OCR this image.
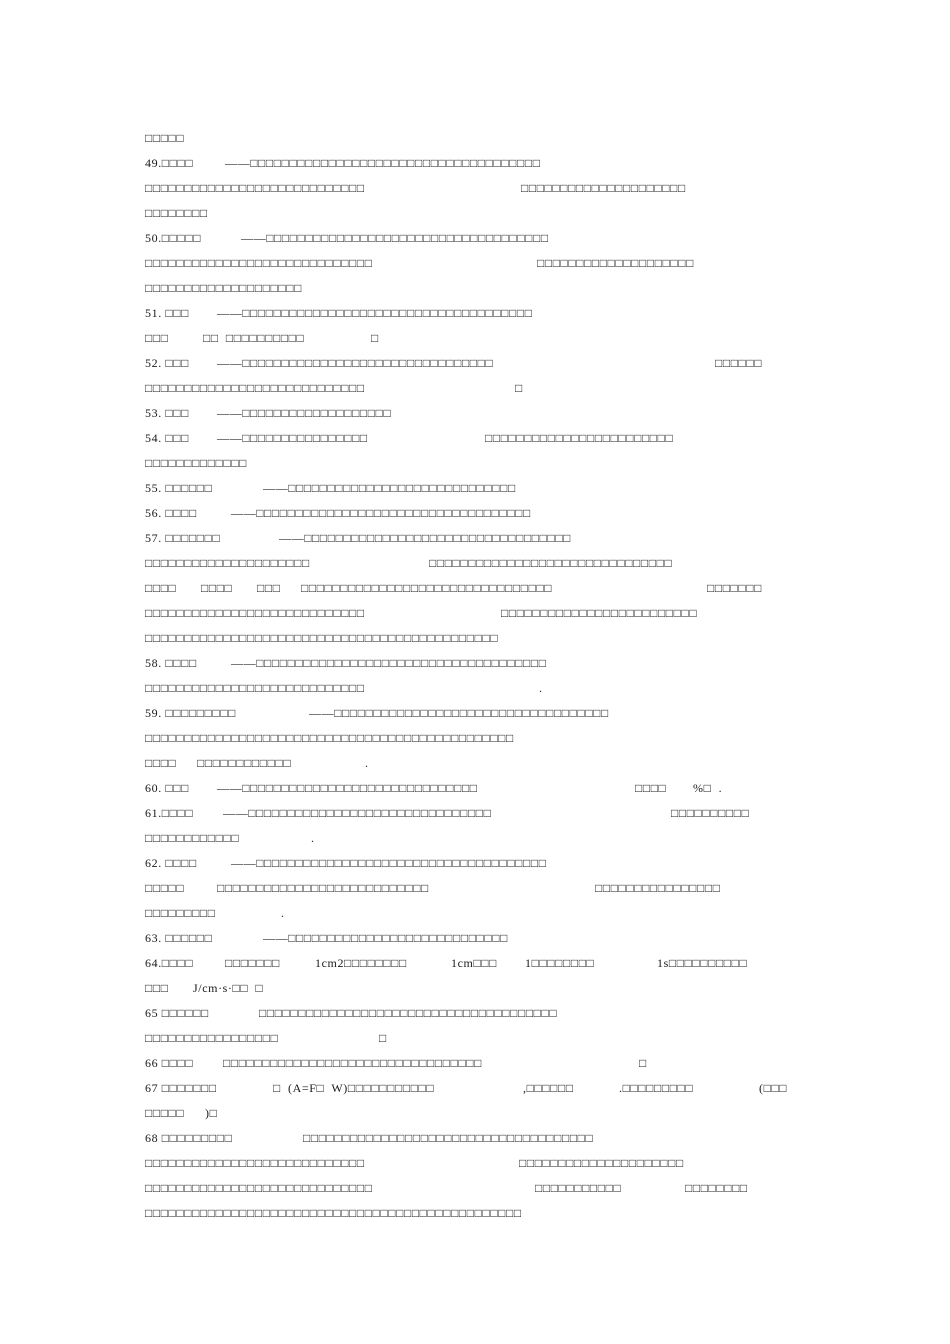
□□□□□
49.□□□□	——□□□□□□□□□□□□□□□□□□□□□□□□□□□□□□□□□□□□□
□□□□□□□□□□□□□□□□□□□□□□□□□□□□	□□□□□□□□□□□□□□□□□□□□□
□□□□□□□□
50.□□□□□	——□□□□□□□□□□□□□□□□□□□□□□□□□□□□□□□□□□□□
□□□□□□□□□□□□□□□□□□□□□□□□□□□□□	□□□□□□□□□□□□□□□□□□□□
□□□□□□□□□□□□□□□□□□□□
51. □□□ ——□□□□□□□□□□□□□□□□□□□□□□□□□□□□□□□□□□□□□
□□□	□□  □□□□□□□□□□	□
52. □□□ ——□□□□□□□□□□□□□□□□□□□□□□□□□□□□□□□□	□□□□□□
□□□□□□□□□□□□□□□□□□□□□□□□□□□□	□
53. □□□ ——□□□□□□□□□□□□□□□□□□□
54. □□□ ——□□□□□□□□□□□□□□□□	□□□□□□□□□□□□□□□□□□□□□□□□
□□□□□□□□□□□□□
55. □□□□□□	——□□□□□□□□□□□□□□□□□□□□□□□□□□□□□
56. □□□□	——□□□□□□□□□□□□□□□□□□□□□□□□□□□□□□□□□□□
57. □□□□□□□	——□□□□□□□□□□□□□□□□□□□□□□□□□□□□□□□□□□
□□□□□□□□□□□□□□□□□□□□□	□□□□□□□□□□□□□□□□□□□□□□□□□□□□□□□
□□□□ □□□□ □□□ □□□□□□□□□□□□□□□□□□□□□□□□□□□□□□□□	□□□□□□□
□□□□□□□□□□□□□□□□□□□□□□□□□□□□	□□□□□□□□□□□□□□□□□□□□□□□□□
□□□□□□□□□□□□□□□□□□□□□□□□□□□□□□□□□□□□□□□□□□□□□
58. □□□□	——□□□□□□□□□□□□□□□□□□□□□□□□□□□□□□□□□□□□□
□□□□□□□□□□□□□□□□□□□□□□□□□□□□	.
59. □□□□□□□□□	——□□□□□□□□□□□□□□□□□□□□□□□□□□□□□□□□□□□
□□□□□□□□□□□□□□□□□□□□□□□□□□□□□□□□□□□□□□□□□□□□□□□
□□□□ □□□□□□□□□□□□	.
60. □□□ ——□□□□□□□□□□□□□□□□□□□□□□□□□□□□□□	□□□□ %□  .
61.□□□□ ——□□□□□□□□□□□□□□□□□□□□□□□□□□□□□□□	□□□□□□□□□□
□□□□□□□□□□□□	.
62. □□□□	——□□□□□□□□□□□□□□□□□□□□□□□□□□□□□□□□□□□□□
□□□□□	□□□□□□□□□□□□□□□□□□□□□□□□□□□	□□□□□□□□□□□□□□□□
□□□□□□□□□	.
63. □□□□□□	——□□□□□□□□□□□□□□□□□□□□□□□□□□□□
64.□□□□	□□□□□□□	1cm2□□□□□□□□	1cm□□□ 1□□□□□□□□	1s□□□□□□□□□□
□□□ J/cm·s·□□  □
65 □□□□□□	□□□□□□□□□□□□□□□□□□□□□□□□□□□□□□□□□□□□□□
□□□□□□□□□□□□□□□□□	□
66 □□□□ □□□□□□□□□□□□□□□□□□□□□□□□□□□□□□□□□	□
67 □□□□□□□	□  (A=F□  W)□□□□□□□□□□□	,□□□□□□	.□□□□□□□□□	(□□□
□□□□□ )□
68 □□□□□□□□□	□□□□□□□□□□□□□□□□□□□□□□□□□□□□□□□□□□□□□
□□□□□□□□□□□□□□□□□□□□□□□□□□□□	□□□□□□□□□□□□□□□□□□□□□
□□□□□□□□□□□□□□□□□□□□□□□□□□□□□	□□□□□□□□□□□	□□□□□□□□
□□□□□□□□□□□□□□□□□□□□□□□□□□□□□□□□□□□□□□□□□□□□□□□□
